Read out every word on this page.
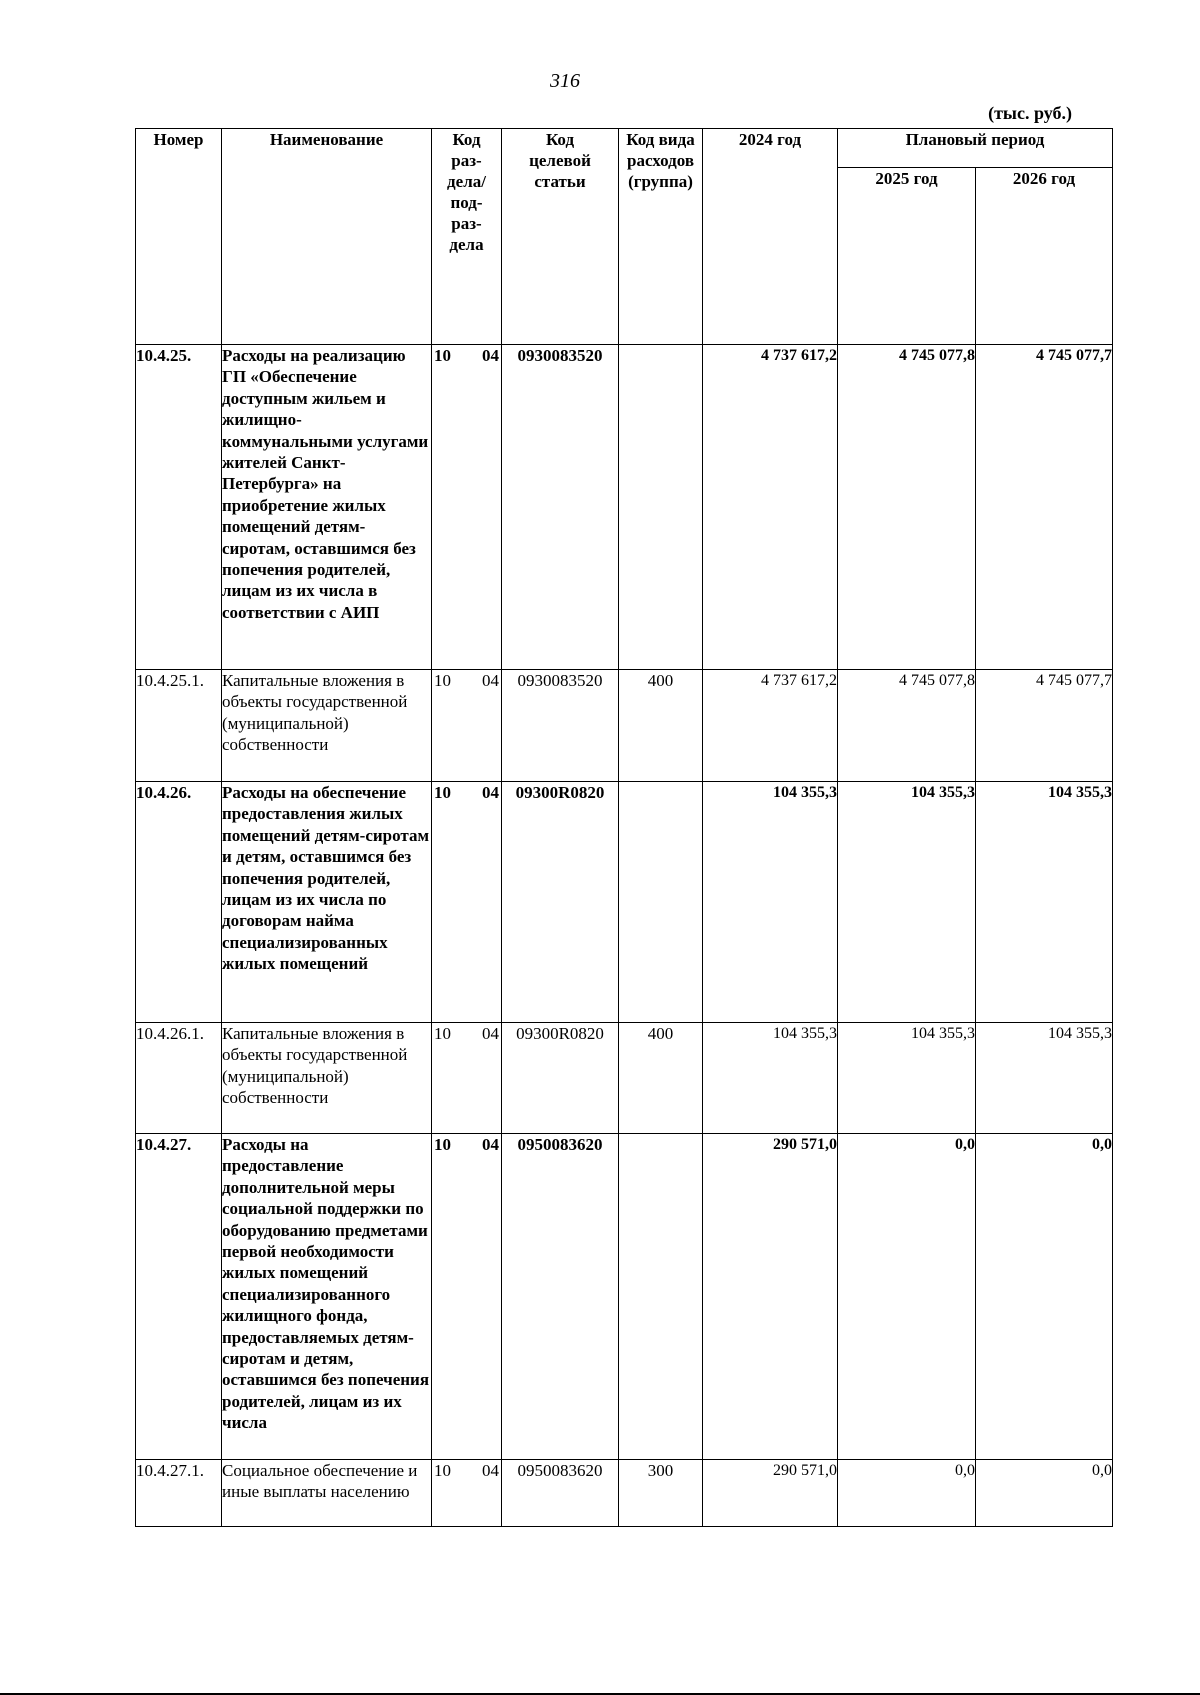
316
(тыс. руб.)
Номер	Наименование	Код раз-дела/ под-раз-дела	Код целевой статьи	Код вида расходов (группа)	2024 год	Плановый период	
						2025 год	2026 год
10.4.25.	Расходы на реализацию ГП «Обеспечение доступным жильем и жилищно-коммунальными услугами жителей Санкт-Петербурга» на приобретение жилых помещений детям-сиротам, оставшимся без попечения родителей, лицам из их числа в соответствии с АИП	10 04	0930083520		4 737 617,2	4 745 077,8	4 745 077,7
10.4.25.1.	Капитальные вложения в объекты государственной (муниципальной) собственности	10 04	0930083520	400	4 737 617,2	4 745 077,8	4 745 077,7
10.4.26.	Расходы на обеспечение предоставления жилых помещений детям-сиротам и детям, оставшимся без попечения родителей, лицам из их числа по договорам найма специализированных жилых помещений	10 04	09300R0820		104 355,3	104 355,3	104 355,3
10.4.26.1.	Капитальные вложения в объекты государственной (муниципальной) собственности	10 04	09300R0820	400	104 355,3	104 355,3	104 355,3
10.4.27.	Расходы на предоставление дополнительной меры социальной поддержки по оборудованию предметами первой необходимости жилых помещений специализированного жилищного фонда, предоставляемых детям-сиротам и детям, оставшимся без попечения родителей, лицам из их числа	10 04	0950083620		290 571,0	0,0	0,0
10.4.27.1.	Социальное обеспечение и иные выплаты населению	10 04	0950083620	300	290 571,0	0,0	0,0
